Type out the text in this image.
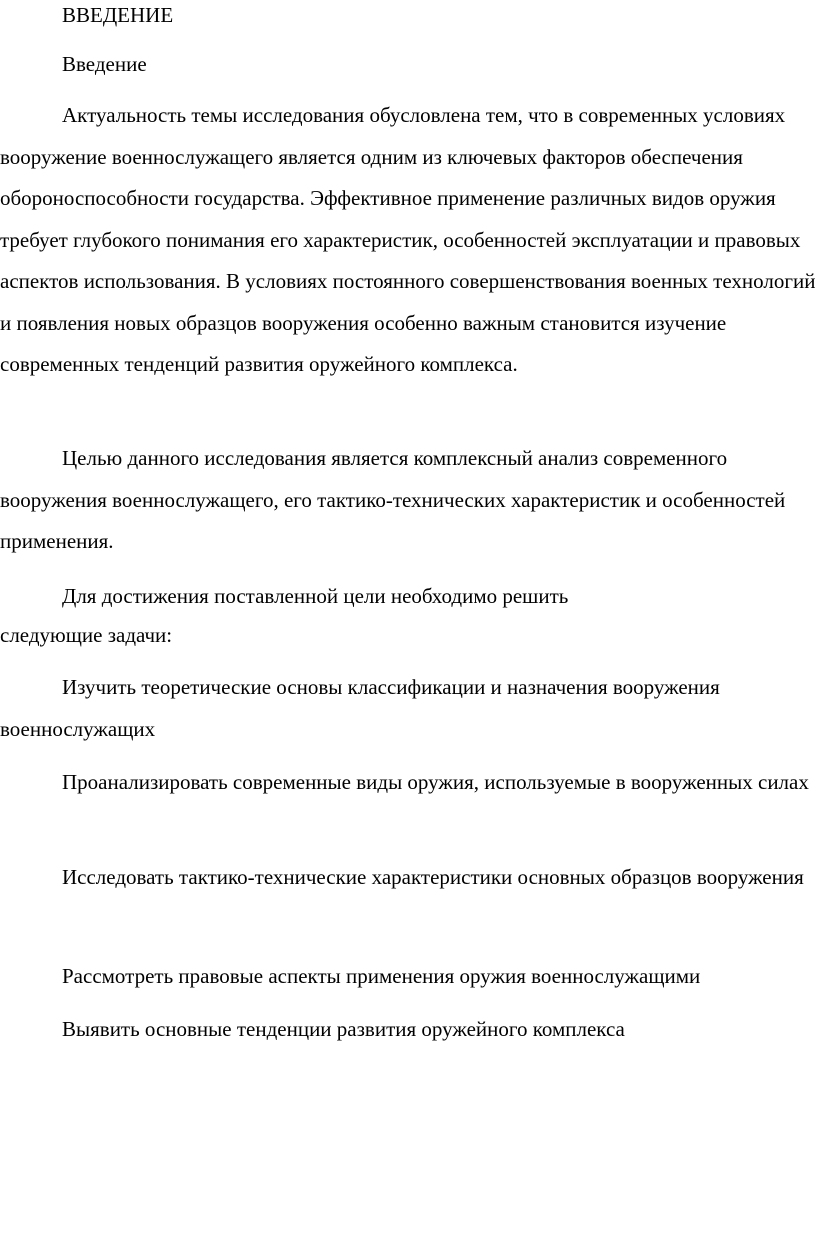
ВВЕДЕНИЕ

Введение

Актуальность темы исследования обусловлена тем, что в современных условиях вооружение военнослужащего является одним из ключевых факторов обеспечения обороноспособности государства. Эффективное применение различных видов оружия требует глубокого понимания его характеристик, особенностей эксплуатации и правовых аспектов использования. В условиях постоянного совершенствования военных технологий и появления новых образцов вооружения особенно важным становится изучение современных тенденций развития оружейного комплекса.

Целью данного исследования является комплексный анализ современного вооружения военнослужащего, его тактико-технических характеристик и особенностей применения.

Для достижения поставленной цели необходимо решить

следующие задачи:

Изучить теоретические основы классификации и назначения вооружения военнослужащих

Проанализировать современные виды оружия, используемые в вооруженных силах

Исследовать тактико-технические характеристики основных образцов вооружения

Рассмотреть правовые аспекты применения оружия военнослужащими

Выявить основные тенденции развития оружейного комплекса
